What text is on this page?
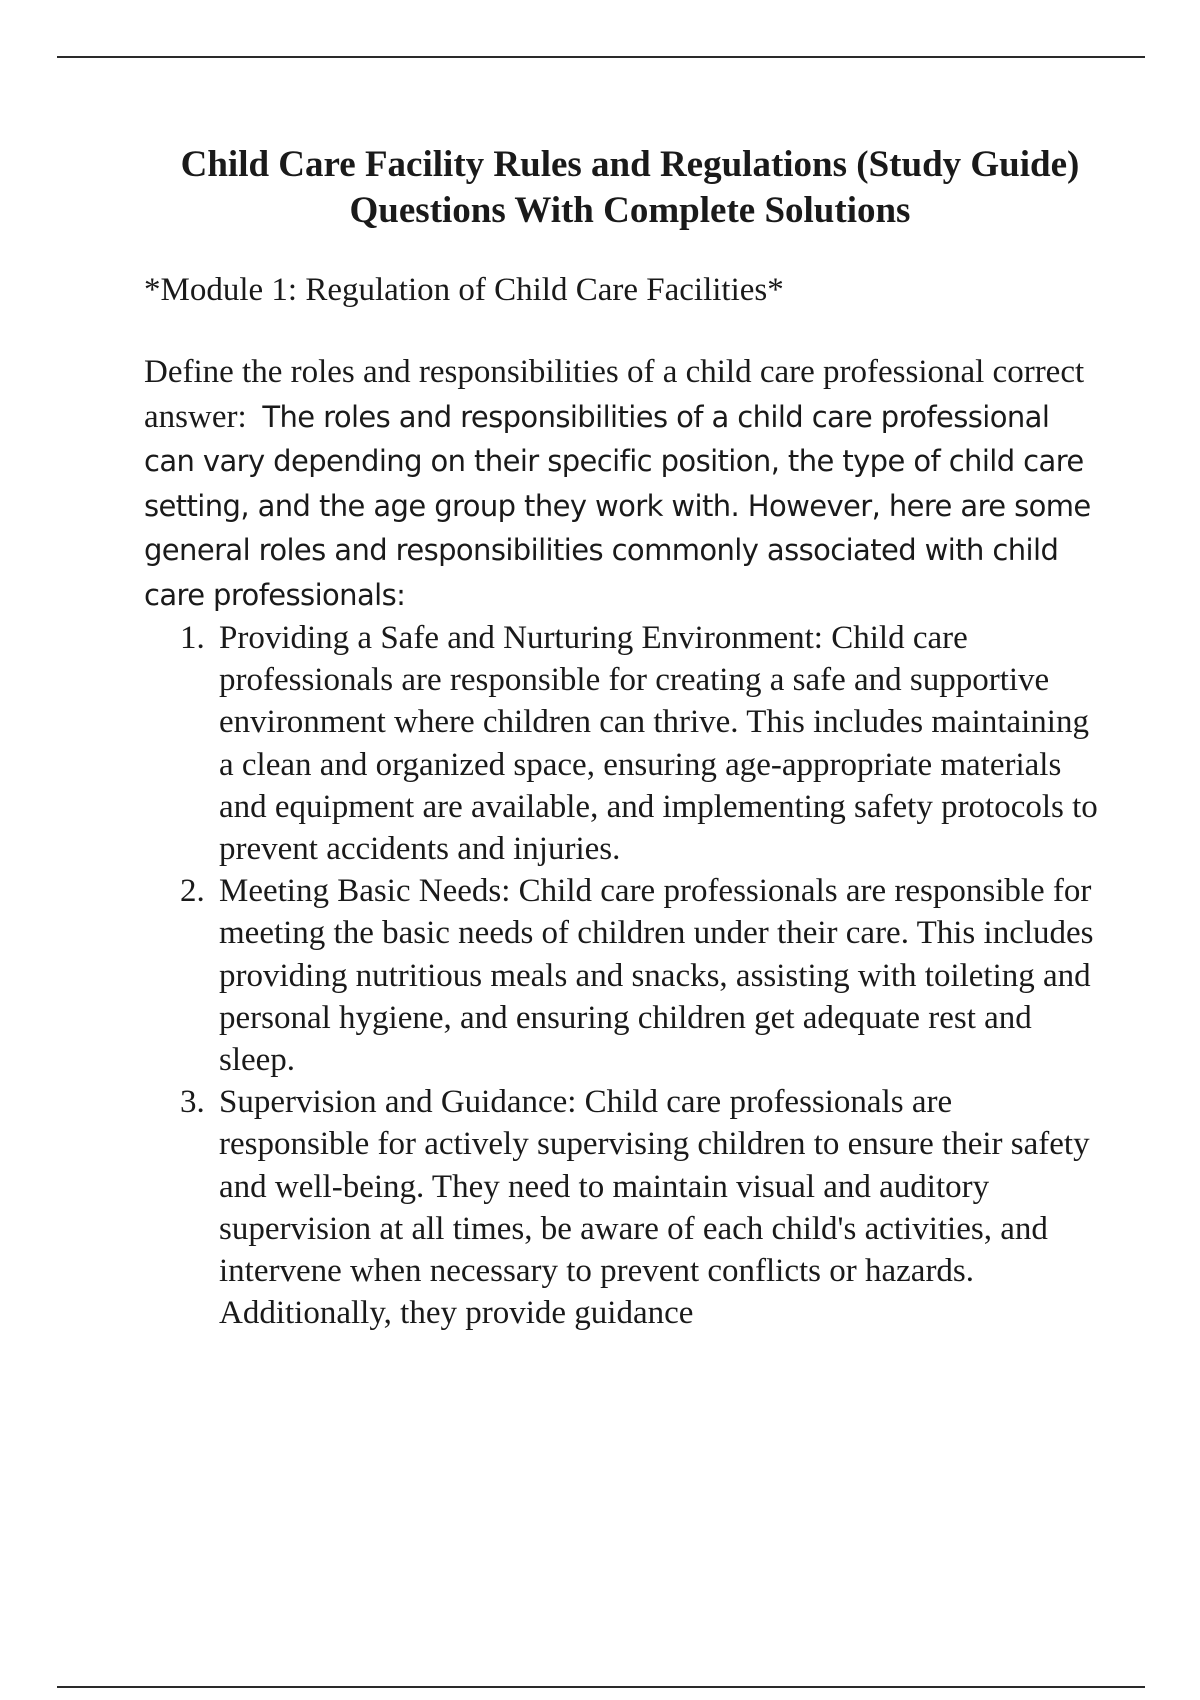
Child Care Facility Rules and Regulations (Study Guide) Questions With Complete Solutions

*Module 1: Regulation of Child Care Facilities*

Define the roles and responsibilities of a child care professional correct answer: The roles and responsibilities of a child care professional can vary depending on their specific position, the type of child care setting, and the age group they work with. However, here are some general roles and responsibilities commonly associated with child care professionals:

1. Providing a Safe and Nurturing Environment: Child care professionals are responsible for creating a safe and supportive environment where children can thrive. This includes maintaining a clean and organized space, ensuring age-appropriate materials and equipment are available, and implementing safety protocols to prevent accidents and injuries.
2. Meeting Basic Needs: Child care professionals are responsible for meeting the basic needs of children under their care. This includes providing nutritious meals and snacks, assisting with toileting and personal hygiene, and ensuring children get adequate rest and sleep.
3. Supervision and Guidance: Child care professionals are responsible for actively supervising children to ensure their safety and well-being. They need to maintain visual and auditory supervision at all times, be aware of each child's activities, and intervene when necessary to prevent conflicts or hazards. Additionally, they provide guidance
